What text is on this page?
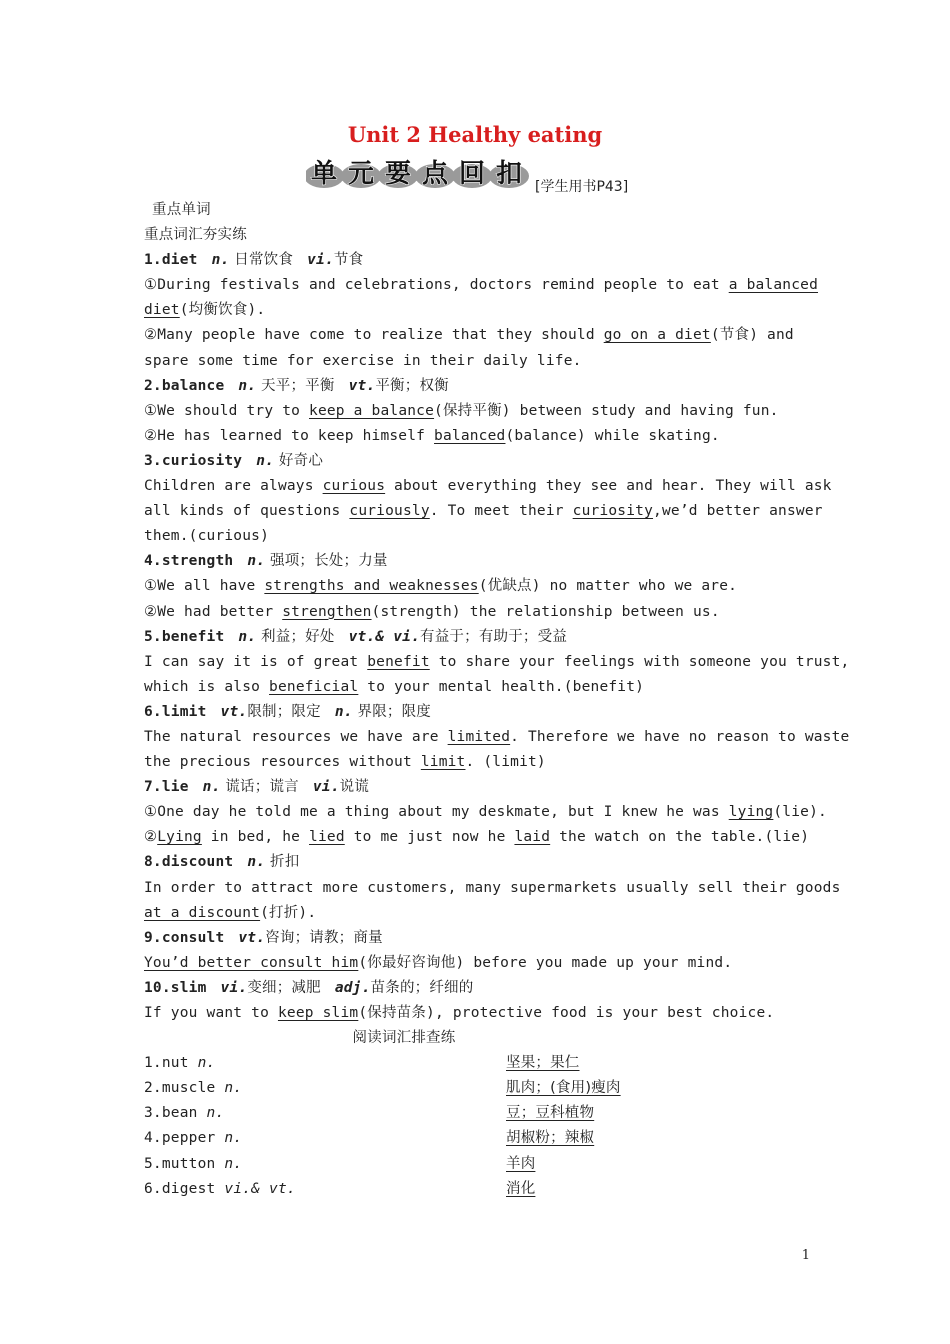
Unit 2 Healthy eating
单 元 要 点 回 扣 [学生用书P43]
重点单词
重点词汇夯实练
1.diet n. 日常饮食 vi.节食
①During festivals and celebrations, doctors remind people to eat a balanced
diet(均衡饮食).
②Many people have come to realize that they should go on a diet(节食) and
spare some time for exercise in their daily life.
2.balance n. 天平；平衡 vt.平衡；权衡
①We should try to keep a balance(保持平衡) between study and having fun.
②He has learned to keep himself balanced(balance) while skating.
3.curiosity n. 好奇心
Children are always curious about everything they see and hear. They will ask
all kinds of questions curiously. To meet their curiosity,we’d better answer
them.(curious)
4.strength n. 强项；长处；力量
①We all have strengths and weaknesses(优缺点) no matter who we are.
②We had better strengthen(strength) the relationship between us.
5.benefit n. 利益；好处 vt.& vi.有益于；有助于；受益
I can say it is of great benefit to share your feelings with someone you trust,
which is also beneficial to your mental health.(benefit)
6.limit vt.限制；限定 n. 界限；限度
The natural resources we have are limited. Therefore we have no reason to waste
the precious resources without limit. (limit)
7.lie n. 谎话；谎言 vi.说谎
①One day he told me a thing about my deskmate, but I knew he was lying(lie).
②Lying in bed, he lied to me just now he laid the watch on the table.(lie)
8.discount n. 折扣
In order to attract more customers, many supermarkets usually sell their goods
at a discount(打折).
9.consult vt.咨询；请教；商量
You’d better consult him(你最好咨询他) before you made up your mind.
10.slim vi.变细；减肥 adj.苗条的；纤细的
If you want to keep slim(保持苗条), protective food is your best choice.
阅读词汇排查练
1.nut n.	坚果；果仁
2.muscle n.	肌肉；(食用)瘦肉
3.bean n.	豆；豆科植物
4.pepper n.	胡椒粉；辣椒
5.mutton n.	羊肉
6.digest vi.& vt.	消化
1
